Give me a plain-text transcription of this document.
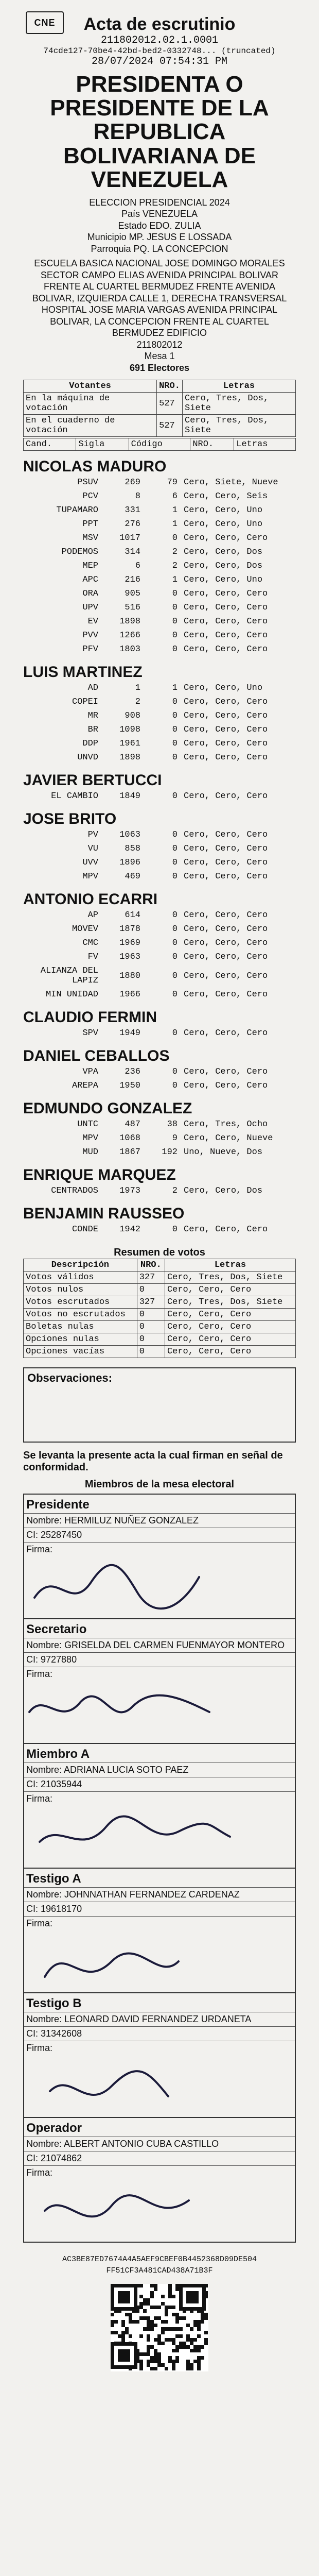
CNE	Acta de escrutinio
211802012.02.1.0001
74cde127-70be4-42bd-bed2-0332748... (truncated)
28/07/2024 07:54:31 PM
PRESIDENTA O PRESIDENTE DE LA REPUBLICA BOLIVARIANA DE VENEZUELA
ELECCION PRESIDENCIAL 2024
País VENEZUELA
Estado EDO. ZULIA
Municipio MP. JESUS E LOSSADA
Parroquia PQ. LA CONCEPCION
ESCUELA BASICA NACIONAL JOSE DOMINGO MORALES SECTOR CAMPO ELIAS AVENIDA PRINCIPAL BOLIVAR FRENTE AL CUARTEL BERMUDEZ FRENTE AVENIDA BOLIVAR, IZQUIERDA CALLE 1, DERECHA TRANSVERSAL HOSPITAL JOSE MARIA VARGAS AVENIDA PRINCIPAL BOLIVAR, LA CONCEPCION FRENTE AL CUARTEL BERMUDEZ EDIFICIO
211802012
Mesa 1
691 Electores
Votantes	NRO.	Letras
En la máquina de votación	527	Cero, Tres, Dos, Siete
En el cuaderno de votación	527	Cero, Tres, Dos, Siete
Cand.	Sigla	Código	NRO.	Letras
NICOLAS MADURO
PSUV	269	79	Cero, Siete, Nueve
PCV	8	6	Cero, Cero, Seis
TUPAMARO	331	1	Cero, Cero, Uno
PPT	276	1	Cero, Cero, Uno
MSV	1017	0	Cero, Cero, Cero
PODEMOS	314	2	Cero, Cero, Dos
MEP	6	2	Cero, Cero, Dos
APC	216	1	Cero, Cero, Uno
ORA	905	0	Cero, Cero, Cero
UPV	516	0	Cero, Cero, Cero
EV	1898	0	Cero, Cero, Cero
PVV	1266	0	Cero, Cero, Cero
PFV	1803	0	Cero, Cero, Cero
LUIS MARTINEZ
AD	1	1	Cero, Cero, Uno
COPEI	2	0	Cero, Cero, Cero
MR	908	0	Cero, Cero, Cero
BR	1098	0	Cero, Cero, Cero
DDP	1961	0	Cero, Cero, Cero
UNVD	1898	0	Cero, Cero, Cero
JAVIER BERTUCCI
EL CAMBIO	1849	0	Cero, Cero, Cero
JOSE BRITO
PV	1063	0	Cero, Cero, Cero
VU	858	0	Cero, Cero, Cero
UVV	1896	0	Cero, Cero, Cero
MPV	469	0	Cero, Cero, Cero
ANTONIO ECARRI
AP	614	0	Cero, Cero, Cero
MOVEV	1878	0	Cero, Cero, Cero
CMC	1969	0	Cero, Cero, Cero
FV	1963	0	Cero, Cero, Cero
ALIANZA DEL LAPIZ	1880	0	Cero, Cero, Cero
MIN UNIDAD	1966	0	Cero, Cero, Cero
CLAUDIO FERMIN
SPV	1949	0	Cero, Cero, Cero
DANIEL CEBALLOS
VPA	236	0	Cero, Cero, Cero
AREPA	1950	0	Cero, Cero, Cero
EDMUNDO GONZALEZ
UNTC	487	38	Cero, Tres, Ocho
MPV	1068	9	Cero, Cero, Nueve
MUD	1867	192	Uno, Nueve, Dos
ENRIQUE MARQUEZ
CENTRADOS	1973	2	Cero, Cero, Dos
BENJAMIN RAUSSEO
CONDE	1942	0	Cero, Cero, Cero
Resumen de votos
Descripción	NRO.	Letras
Votos válidos	327	Cero, Tres, Dos, Siete
Votos nulos	0	Cero, Cero, Cero
Votos escrutados	327	Cero, Tres, Dos, Siete
Votos no escrutados	0	Cero, Cero, Cero
Boletas nulas	0	Cero, Cero, Cero
Opciones nulas	0	Cero, Cero, Cero
Opciones vacías	0	Cero, Cero, Cero
Observaciones:
Se levanta la presente acta la cual firman en señal de conformidad.
Miembros de la mesa electoral
Presidente
Nombre: HERMILUZ NUÑEZ GONZALEZ
CI: 25287450
Firma:
Secretario
Nombre: GRISELDA DEL CARMEN FUENMAYOR MONTERO
CI: 9727880
Firma:
Miembro A
Nombre: ADRIANA LUCIA SOTO PAEZ
CI: 21035944
Firma:
Testigo A
Nombre: JOHNNATHAN FERNANDEZ CARDENAZ
CI: 19618170
Firma:
Testigo B
Nombre: LEONARD DAVID FERNANDEZ URDANETA
CI: 31342608
Firma:
Operador
Nombre: ALBERT ANTONIO CUBA CASTILLO
CI: 21074862
Firma:
AC3BE87ED7674A4A5AEF9CBEF0B4452368D09DE504
FF51CF3A481CAD438A71B3F
